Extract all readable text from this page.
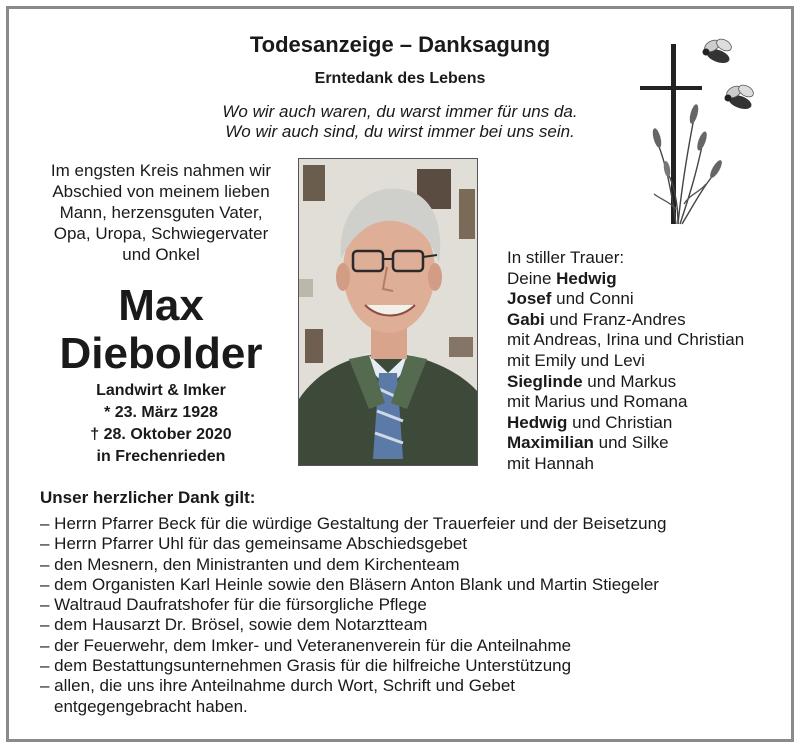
Todesanzeige – Danksagung
Erntedank des Lebens
Wo wir auch waren, du warst immer für uns da.
Wo wir auch sind, du wirst immer bei uns sein.
Im engsten Kreis nahmen wir
Abschied von meinem lieben
Mann, herzensguten Vater,
Opa, Uropa, Schwiegervater
und Onkel
Max
Diebolder
Landwirt & Imker
* 23. März 1928
† 28. Oktober 2020
in Frechenrieden
In stiller Trauer:
Deine Hedwig
Josef und Conni
Gabi und Franz-Andres
mit Andreas, Irina und Christian
mit Emily und Levi
Sieglinde und Markus
mit Marius und Romana
Hedwig und Christian
Maximilian und Silke
mit Hannah
Unser herzlicher Dank gilt:
– Herrn Pfarrer Beck für die würdige Gestaltung der Trauerfeier und der Beisetzung
– Herrn Pfarrer Uhl für das gemeinsame Abschiedsgebet
– den Mesnern, den Ministranten und dem Kirchenteam
– dem Organisten Karl Heinle sowie den Bläsern Anton Blank und Martin Stiegeler
– Waltraud Daufratshofer für die fürsorgliche Pflege
– dem Hausarzt Dr. Brösel, sowie dem Notarztteam
– der Feuerwehr, dem Imker- und Veteranenverein für die Anteilnahme
– dem Bestattungsunternehmen Grasis für die hilfreiche Unterstützung
– allen, die uns ihre Anteilnahme durch Wort, Schrift und Gebet
entgegengebracht haben.
